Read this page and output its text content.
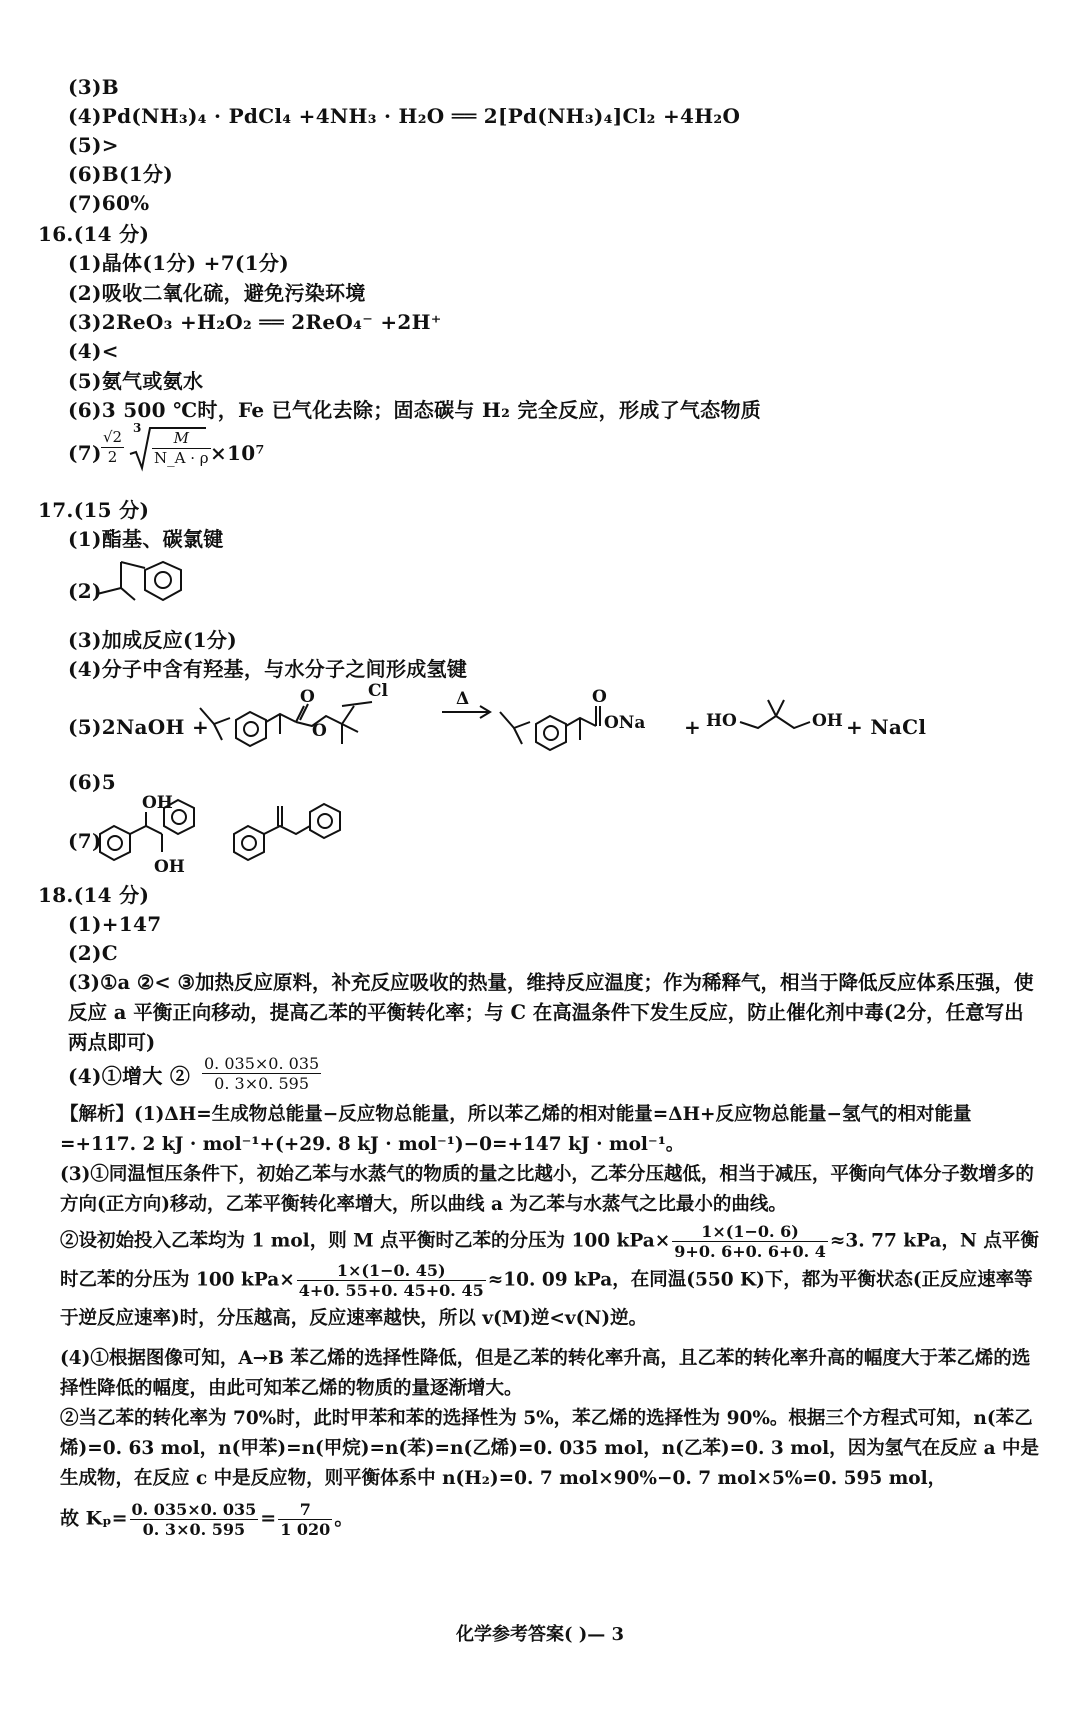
(3)B
(4)Pd(NH₃)₄ · PdCl₄ +4NH₃ · H₂O ══ 2[Pd(NH₃)₄]Cl₂ +4H₂O
(5)>
(6)B(1分)
(7)60%
16.(14 分)
(1)晶体(1分) +7(1分)
(2)吸收二氧化硫，避免污染环境
(3)2ReO₃ +H₂O₂ ══ 2ReO₄⁻ +2H⁺
(4)<
(5)氨气或氨水
(6)3 500 ℃时，Fe 已气化去除；固态碳与 H₂ 完全反应，形成了气态物质
$(7) \frac{√2}{2} 3$
$\frac{M}{N\_A \cdot \rho} \times 10^7$
17.(15 分)
(1)酯基、碳氯键
(2)
(3)加成反应(1分)
(4)分子中含有羟基，与水分子之间形成氢键
(5)2NaOH +
O
O
Cl	Δ	O
ONa + HO	OH + NaCl
(6)5
(7)
OH
OH
18.(14 分)
(1)+147
(2)C
(3)①a ②< ③加热反应原料，补充反应吸收的热量，维持反应温度；作为稀释气，相当于降低反应体系压强，使反应 a 平衡正向移动，提高乙苯的平衡转化率；与 C 在高温条件下发生反应，防止催化剂中毒(2分，任意写出两点即可)
(4)①增大 ② $\frac{0. 035\times 0. 035}{0. 3\times 0. 595}$
【解析】(1)ΔH=生成物总能量−反应物总能量，所以苯乙烯的相对能量=ΔH+反应物总能量−氢气的相对能量=+117. 2 kJ · mol⁻¹+(+29. 8 kJ · mol⁻¹)−0=+147 kJ · mol⁻¹。
(3)①同温恒压条件下，初始乙苯与水蒸气的物质的量之比越小，乙苯分压越低，相当于减压，平衡向气体分子数增多的方向(正方向)移动，乙苯平衡转化率增大，所以曲线 a 为乙苯与水蒸气之比最小的曲线。
②设初始投入乙苯均为 1 mol，则 M 点平衡时乙苯的分压为 100 $kPa\times \frac{1\times(1-0. 6)}{9+0. 6+0. 6+0. 4} \approx 3$. 77 kPa，N 点平衡时乙苯的分压为 100 $kPa\times \frac{1\times(1-0. 45)}{4+0. 55+0. 45+0. 45} \approx 10$. 09 kPa，在同温(550 K)下，都为平衡状态(正反应速率等于逆反应速率)时，分压越高，反应速率越快，所以 v(M)逆<v(N)逆。
(4)①根据图像可知，A→B 苯乙烯的选择性降低，但是乙苯的转化率升高，且乙苯的转化率升高的幅度大于苯乙烯的选择性降低的幅度，由此可知苯乙烯的物质的量逐渐增大。
②当乙苯的转化率为 70%时，此时甲苯和苯的选择性为 5%，苯乙烯的选择性为 90%。根据三个方程式可知，n(苯乙烯)=0. 63 mol，n(甲苯)=n(甲烷)=n(苯)=n(乙烯)=0. 035 mol，n(乙苯)=0. 3 mol，因为氢气在反应 a 中是生成物，在反应 c 中是反应物，则平衡体系中 n(H₂)=0. 7 mol×90%−0. 7 mol×5%=0. 595 mol，
故 $K_p= \frac{0. 035\times 0. 035}{0. 3\times 0. 595} = \frac{7}{1 020}$ 。
化学参考答案( )— 3
